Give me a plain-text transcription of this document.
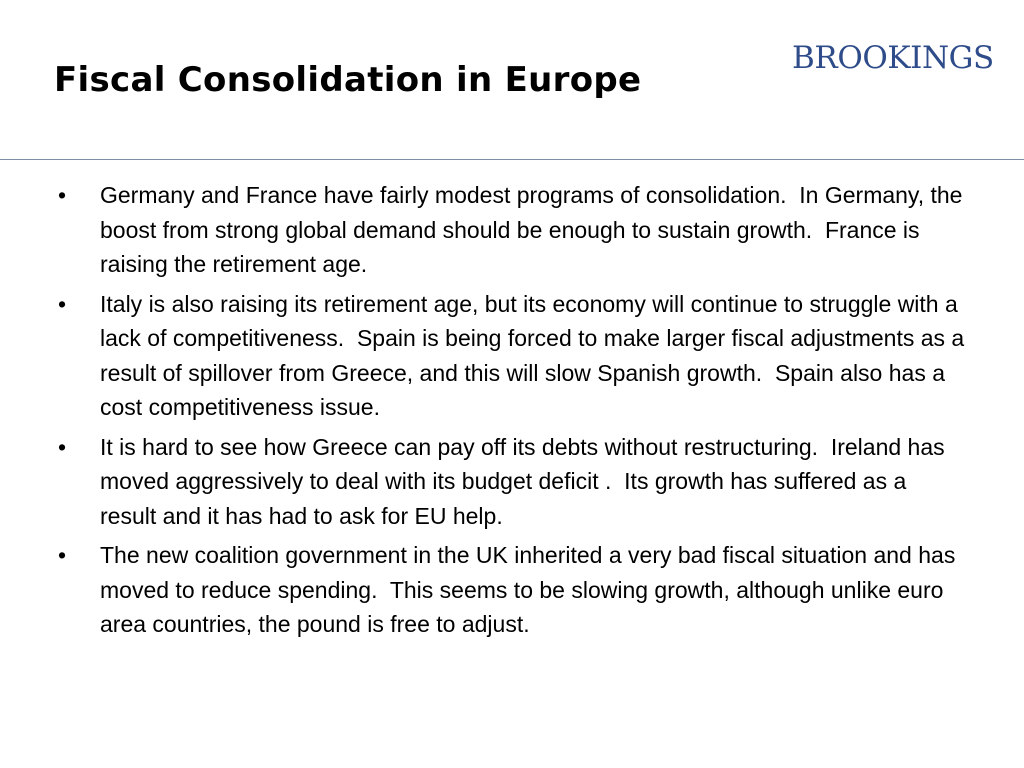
Fiscal Consolidation in Europe
BROOKINGS
• Germany and France have fairly modest programs of consolidation.  In Germany, the boost from strong global demand should be enough to sustain growth.  France is raising the retirement age.
• Italy is also raising its retirement age, but its economy will continue to struggle with a lack of competitiveness.  Spain is being forced to make larger fiscal adjustments as a result of spillover from Greece, and this will slow Spanish growth.  Spain also has a cost competitiveness issue.
• It is hard to see how Greece can pay off its debts without restructuring.  Ireland has moved aggressively to deal with its budget deficit .  Its growth has suffered as a result and it has had to ask for EU help.
• The new coalition government in the UK inherited a very bad fiscal situation and has moved to reduce spending.  This seems to be slowing growth, although unlike euro area countries, the pound is free to adjust.
